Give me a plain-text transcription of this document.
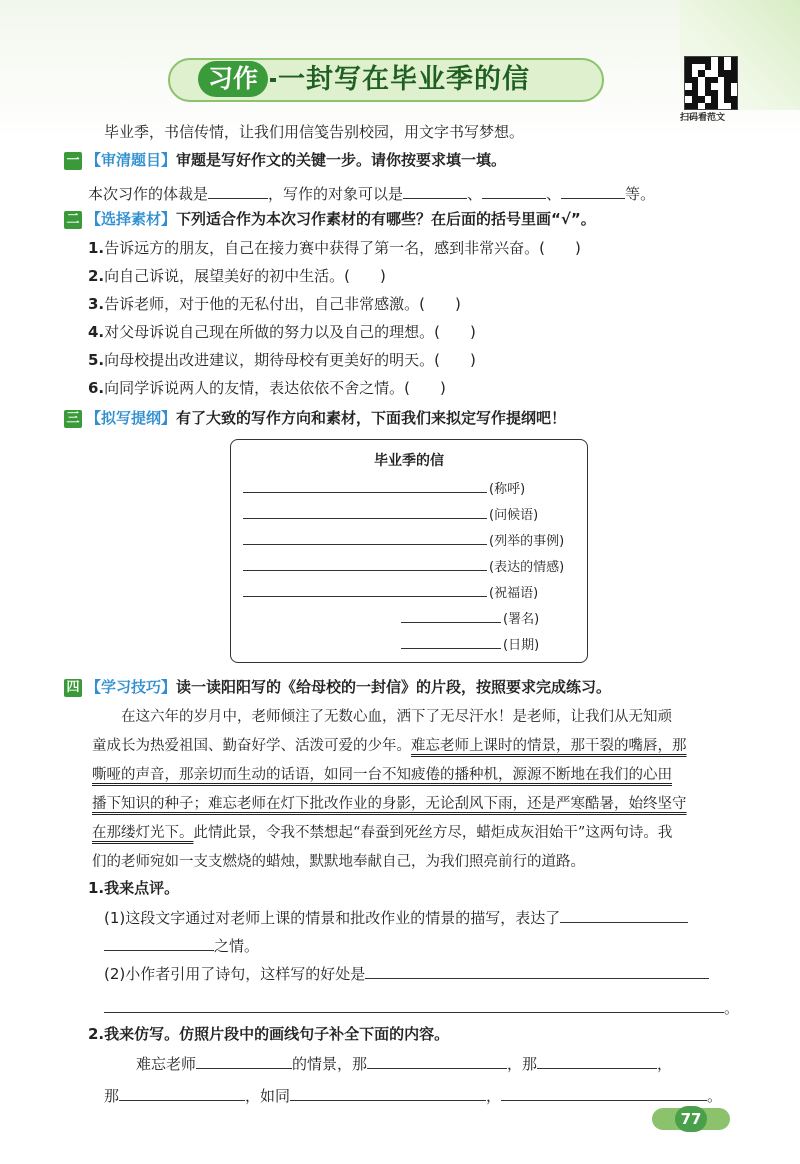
习作 一封写在毕业季的信
扫码看范文
毕业季，书信传情，让我们用信笺告别校园，用文字书写梦想。
一 【审清题目】审题是写好作文的关键一步。请你按要求填一填。
本次习作的体裁是	，写作的对象可以是	、	、	等。
二 【选择素材】下列适合作为本次习作素材的有哪些？在后面的括号里画“√”。
1.告诉远方的朋友，自己在接力赛中获得了第一名，感到非常兴奋。(　　)
2.向自己诉说，展望美好的初中生活。(　　)
3.告诉老师，对于他的无私付出，自己非常感激。(　　)
4.对父母诉说自己现在所做的努力以及自己的理想。(　　)
5.向母校提出改进建议，期待母校有更美好的明天。(　　)
6.向同学诉说两人的友情，表达依依不舍之情。(　　)
三 【拟写提纲】有了大致的写作方向和素材，下面我们来拟定写作提纲吧！
毕业季的信
(称呼)
(问候语)
(列举的事例)
(表达的情感)
(祝福语)
(署名)
(日期)
四 【学习技巧】读一读阳阳写的《给母校的一封信》的片段，按照要求完成练习。
　　在这六年的岁月中，老师倾注了无数心血，洒下了无尽汗水！是老师，让我们从无知顽
童成长为热爱祖国、勤奋好学、活泼可爱的少年。难忘老师上课时的情景，那干裂的嘴唇，那
嘶哑的声音，那亲切而生动的话语，如同一台不知疲倦的播种机，源源不断地在我们的心田
播下知识的种子；难忘老师在灯下批改作业的身影，无论刮风下雨，还是严寒酷暑，始终坚守
在那缕灯光下。此情此景，令我不禁想起“春蚕到死丝方尽，蜡炬成灰泪始干”这两句诗。我
们的老师宛如一支支燃烧的蜡烛，默默地奉献自己，为我们照亮前行的道路。
1.我来点评。
(1)这段文字通过对老师上课的情景和批改作业的情景的描写，表达了
之情。
(2)小作者引用了诗句，这样写的好处是
。
2.我来仿写。仿照片段中的画线句子补全下面的内容。
难忘老师	的情景，那	，那	，
那	，如同	，	。
77
